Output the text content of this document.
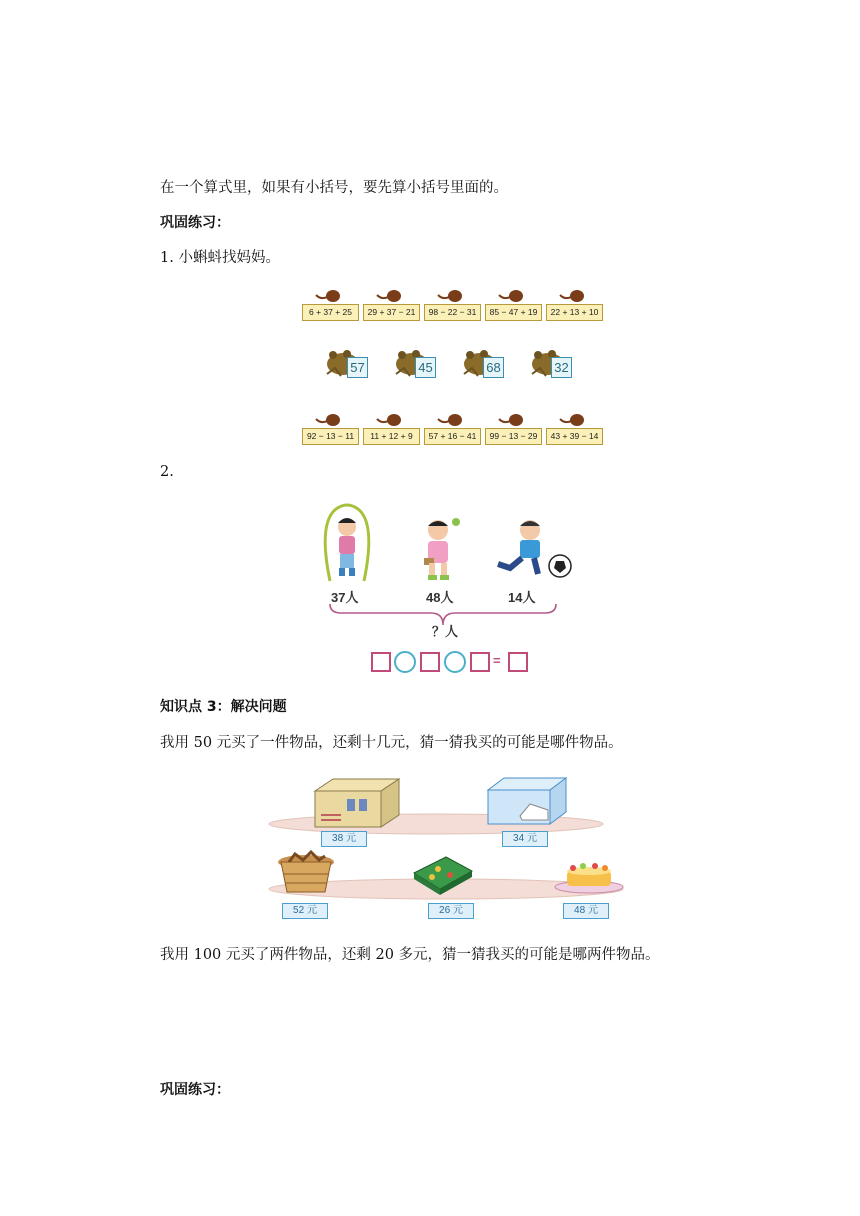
在一个算式里，如果有小括号，要先算小括号里面的。
巩固练习：
1. 小蝌蚪找妈妈。
6 + 37 + 25	29 + 37 − 21	98 − 22 − 31	85 − 47 + 19	22 + 13 + 10
57	45	68	32
92 − 13 − 11	11 + 12 + 9	57 + 16 − 41	99 − 13 − 29	43 + 39 − 14
2.
37人	48人	14人
？人
=
知识点 3：解决问题
我用 50 元买了一件物品，还剩十几元，猜一猜我买的可能是哪件物品。
38 元	34 元
52 元	26 元	48 元
我用 100 元买了两件物品，还剩 20 多元，猜一猜我买的可能是哪两件物品。
巩固练习：
